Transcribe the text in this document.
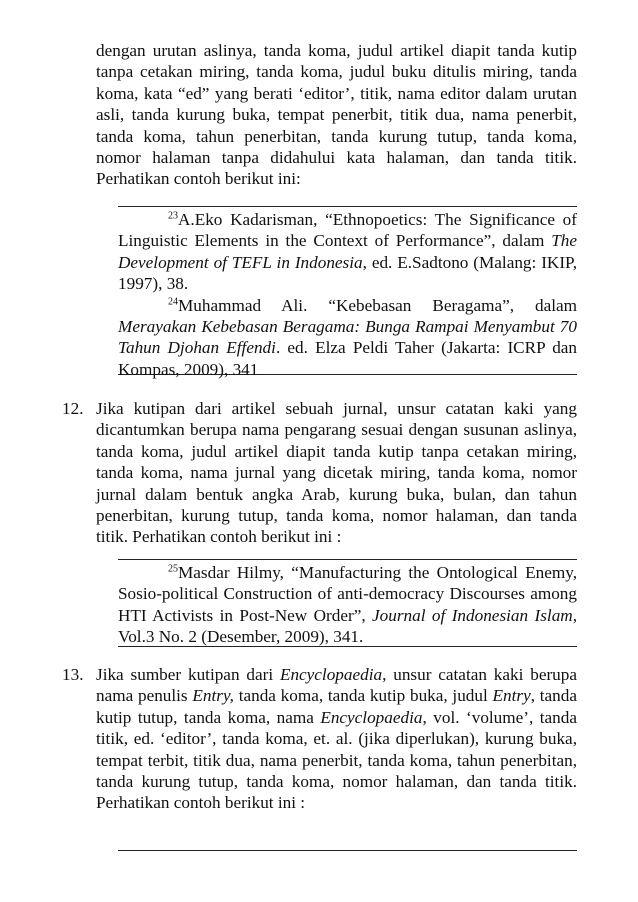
dengan urutan aslinya, tanda koma, judul artikel diapit tanda kutip tanpa cetakan miring, tanda koma, judul buku ditulis miring, tanda koma, kata “ed” yang berati ‘editor’, titik, nama editor dalam urutan asli, tanda kurung buka, tempat penerbit, titik dua, nama penerbit, tanda koma, tahun penerbitan, tanda kurung tutup, tanda koma, nomor halaman tanpa didahului kata halaman, dan tanda titik. Perhatikan contoh berikut ini:

$^{23}$A.Eko Kadarisman, “Ethnopoetics: The Significance of Linguistic Elements in the Context of Performance”, dalam The Development of TEFL in Indonesia, ed. E.Sadtono (Malang: IKIP, 1997), 38.

$^{24}$Muhammad Ali. “Kebebasan Beragama”, dalam Merayakan Kebebasan Beragama: Bunga Rampai Menyambut 70 Tahun Djohan Effendi. ed. Elza Peldi Taher (Jakarta: ICRP dan Kompas, 2009), 341

12. Jika kutipan dari artikel sebuah jurnal, unsur catatan kaki yang dicantumkan berupa nama pengarang sesuai dengan susunan aslinya, tanda koma, judul artikel diapit tanda kutip tanpa cetakan miring, tanda koma, nama jurnal yang dicetak miring, tanda koma, nomor jurnal dalam bentuk angka Arab, kurung buka, bulan, dan tahun penerbitan, kurung tutup, tanda koma, nomor halaman, dan tanda titik. Perhatikan contoh berikut ini :

$^{25}$Masdar Hilmy, “Manufacturing the Ontological Enemy, Sosio-political Construction of anti-democracy Discourses among HTI Activists in Post-New Order”, Journal of Indonesian Islam, Vol.3 No. 2 (Desember, 2009), 341.

13. Jika sumber kutipan dari Encyclopaedia, unsur catatan kaki berupa nama penulis Entry, tanda koma, tanda kutip buka, judul Entry, tanda kutip tutup, tanda koma, nama Encyclopaedia, vol. ‘volume’, tanda titik, ed. ‘editor’, tanda koma, et. al. (jika diperlukan), kurung buka, tempat terbit, titik dua, nama penerbit, tanda koma, tahun penerbitan, tanda kurung tutup, tanda koma, nomor halaman, dan tanda titik. Perhatikan contoh berikut ini :
